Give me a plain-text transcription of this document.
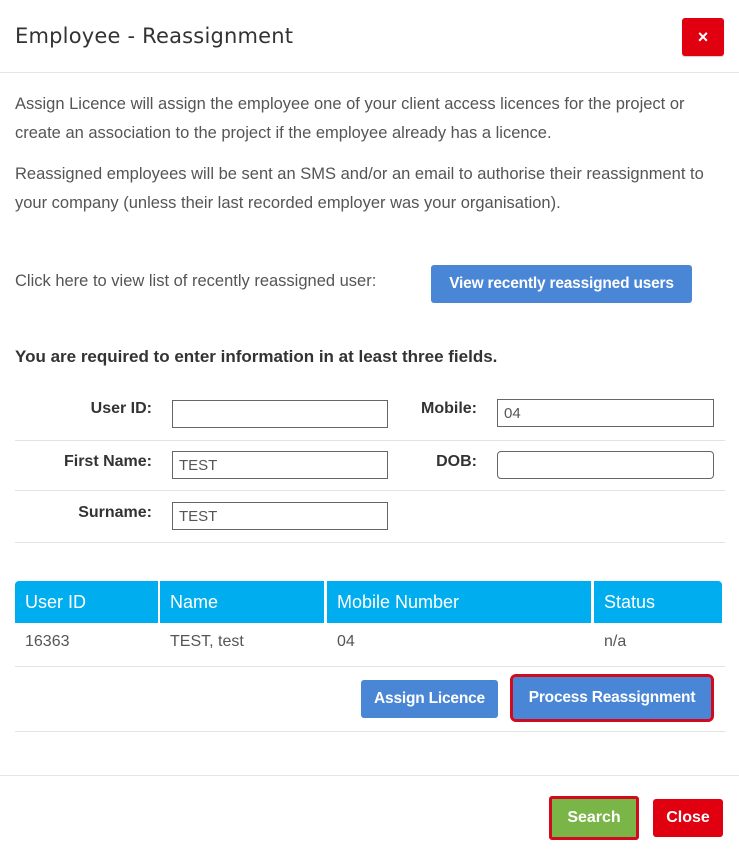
Employee - Reassignment	×
Assign Licence will assign the employee one of your client access licences for the project or create an association to the project if the employee already has a licence.
Reassigned employees will be sent an SMS and/or an email to authorise their reassignment to your company (unless their last recorded employer was your organisation).
Click here to view list of recently reassigned user:	View recently reassigned users
You are required to enter information in at least three fields.
User ID:	Mobile:	04
First Name:	TEST	DOB:
Surname:	TEST
User ID	Name	Mobile Number	Status
16363	TEST, test	04	n/a
Assign Licence	Process Reassignment
Search	Close
